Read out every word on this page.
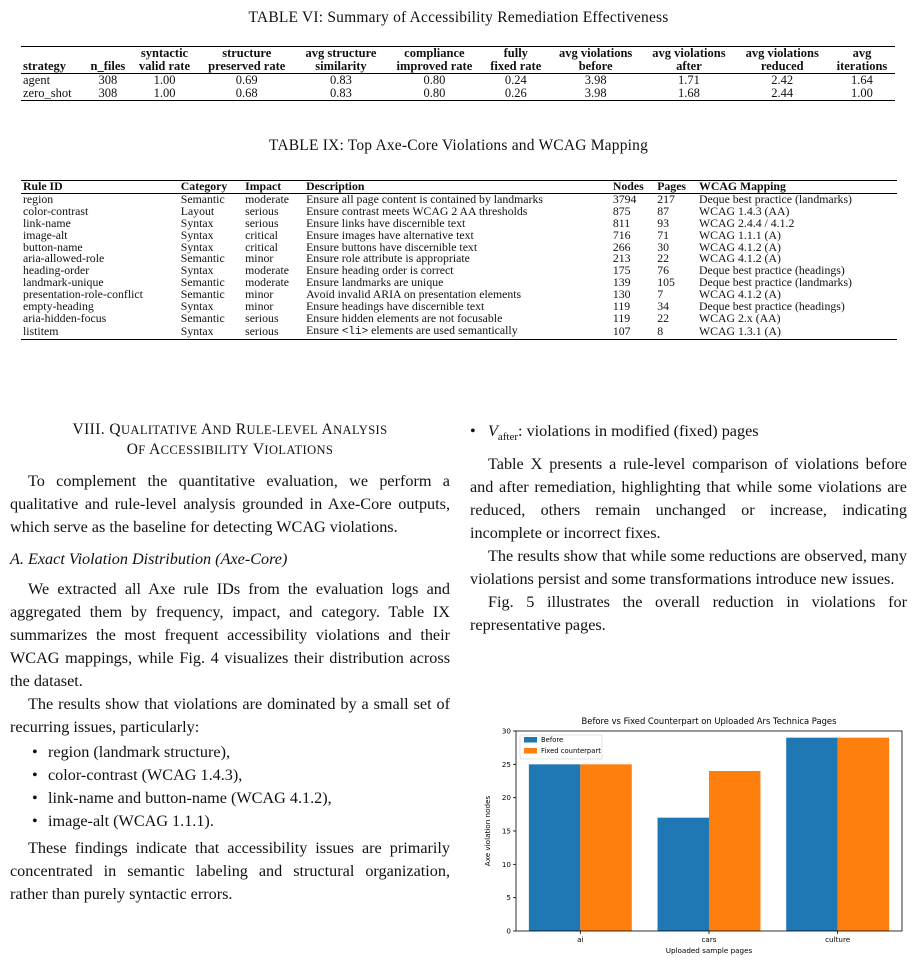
TABLE VI: Summary of Accessibility Remediation Effectiveness
		syntactic	structure	avg structure	compliance	fully	avg violations	avg violations	avg violations	avg
strategy	n_files	valid rate	preserved rate	similarity	improved rate	fixed rate	before	after	reduced	iterations
agent	308	1.00	0.69	0.83	0.80	0.24	3.98	1.71	2.42	1.64
zero_shot	308	1.00	0.68	0.83	0.80	0.26	3.98	1.68	2.44	1.00
TABLE IX: Top Axe-Core Violations and WCAG Mapping
Rule ID	Category	Impact	Description	Nodes	Pages	WCAG Mapping
region	Semantic	moderate	Ensure all page content is contained by landmarks	3794	217	Deque best practice (landmarks)
color-contrast	Layout	serious	Ensure contrast meets WCAG 2 AA thresholds	875	87	WCAG 1.4.3 (AA)
link-name	Syntax	serious	Ensure links have discernible text	811	93	WCAG 2.4.4 / 4.1.2
image-alt	Syntax	critical	Ensure images have alternative text	716	71	WCAG 1.1.1 (A)
button-name	Syntax	critical	Ensure buttons have discernible text	266	30	WCAG 4.1.2 (A)
aria-allowed-role	Semantic	minor	Ensure role attribute is appropriate	213	22	WCAG 4.1.2 (A)
heading-order	Syntax	moderate	Ensure heading order is correct	175	76	Deque best practice (headings)
landmark-unique	Semantic	moderate	Ensure landmarks are unique	139	105	Deque best practice (landmarks)
presentation-role-conflict	Semantic	minor	Avoid invalid ARIA on presentation elements	130	7	WCAG 4.1.2 (A)
empty-heading	Syntax	minor	Ensure headings have discernible text	119	34	Deque best practice (headings)
aria-hidden-focus	Semantic	serious	Ensure hidden elements are not focusable	119	22	WCAG 2.x (AA)
listitem	Syntax	serious	Ensure <li> elements are used semantically	107	8	WCAG 1.3.1 (A)
VIII. QUALITATIVE AND RULE-LEVEL ANALYSIS
OF ACCESSIBILITY VIOLATIONS

To complement the quantitative evaluation, we perform a qualitative and rule-level analysis grounded in Axe-Core outputs, which serve as the baseline for detecting WCAG violations.

A. Exact Violation Distribution (Axe-Core)

We extracted all Axe rule IDs from the evaluation logs and aggregated them by frequency, impact, and category. Table IX summarizes the most frequent accessibility violations and their WCAG mappings, while Fig. 4 visualizes their distribution across the dataset.

The results show that violations are dominated by a small set of recurring issues, particularly:

• region (landmark structure),
• color-contrast (WCAG 1.4.3),
• link-name and button-name (WCAG 4.1.2),
• image-alt (WCAG 1.1.1).

These findings indicate that accessibility issues are primarily concentrated in semantic labeling and structural organization, rather than purely syntactic errors.

• $V_{after}$: violations in modified (fixed) pages

Table X presents a rule-level comparison of violations before and after remediation, highlighting that while some violations are reduced, others remain unchanged or increase, indicating incomplete or incorrect fixes.

The results show that while some reductions are observed, many violations persist and some transformations introduce new issues.

Fig. 5 illustrates the overall reduction in violations for representative pages.

Before vs Fixed Counterpart on Uploaded Ars Technica Pages
ai	cars	culture
0
5
10
15
20
25
30
Uploaded sample pages
Axe violation nodes
Before
Fixed counterpart
